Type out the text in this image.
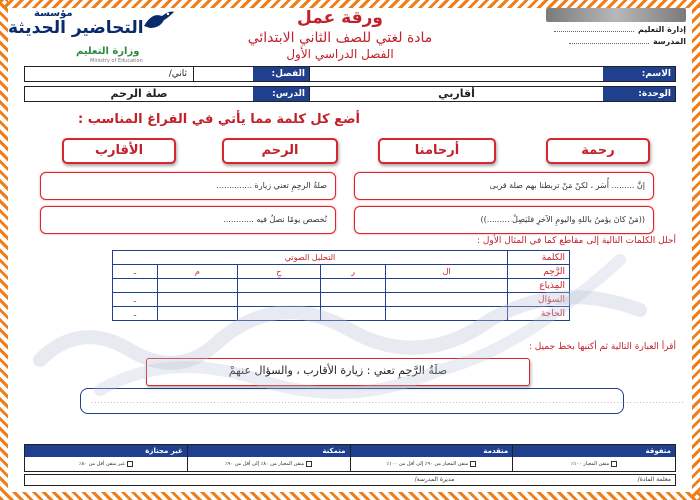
مؤسسة
التحاضير الحديثة
وزارة التعليم
Ministry of Education
ورقة عمل
مادة لغتي للصف الثاني الابتدائي
الفصل الدراسي الأول
إدارة التعليم
المدرسة
الاسم:
الفصل:
ثاني/
الوحدة:
أقاربي
الدرس:
صلة الرحم
أضع كل كلمة مما يأتي في الفراغ المناسب :
رحمة
أرحامنا
الرحم
الأقارب
إنَّ ......... أُسَر ، لكنْ مَنْ تربطنا بهم صلة قربى
صلةُ الرحِمِ تعني زيارة ..............
((مَنْ كانَ يؤمنُ باللهِ واليومِ الآخرِ فليَصِلْ .........))
نُخصص يومًا نصلُ فيه ............
أحلل الكلمات التالية إلى مقاطع كما في المثال الأول :
التحليل الصوتي					الكلمة
ـ	م	حِ	ر	ال	الرَّحِم
					المِذياع
ـ					السؤال
ـ					الحاجة
أقرأ العبارة التالية ثم أكتبها بخط جميل :
صلَةُ الرَّحِمِ تعني : زيارة الأقارب ، والسؤال عنهمْ
........................................................................................................................................................................................
متفوقة
متقن المعيار ١٠٠٪
متقدمة
متقن المعيار من ٩٠٪ إلى أقل من ١٠٠٪
متمكنة
متقن المعيار من ٨٠٪ إلى أقل من ٩٠٪
غير مجتازة
غير متقن أقل من ٨٠٪
معلمة المادة/
مديرة المدرسة/
